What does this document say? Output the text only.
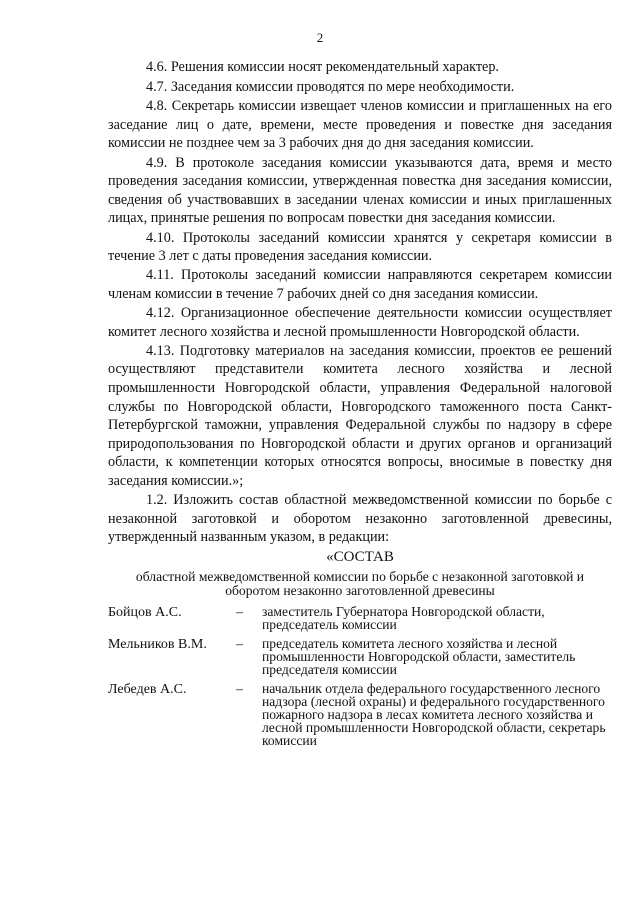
2

4.6. Решения комиссии носят рекомендательный характер.

4.7. Заседания комиссии проводятся по мере необходимости.

4.8. Секретарь комиссии извещает членов комиссии и приглашенных на его заседание лиц о дате, времени, месте проведения и повестке дня заседания комиссии не позднее чем за 3 рабочих дня до дня заседания комиссии.

4.9. В протоколе заседания комиссии указываются дата, время и место проведения заседания комиссии, утвержденная повестка дня заседания комиссии, сведения об участвовавших в заседании членах комиссии и иных приглашенных лицах, принятые решения по вопросам повестки дня заседания комиссии.

4.10. Протоколы заседаний комиссии хранятся у секретаря комиссии в течение 3 лет с даты проведения заседания комиссии.

4.11. Протоколы заседаний комиссии направляются секретарем комиссии членам комиссии в течение 7 рабочих дней со дня заседания комиссии.

4.12. Организационное обеспечение деятельности комиссии осуществляет комитет лесного хозяйства и лесной промышленности Новгородской области.

4.13. Подготовку материалов на заседания комиссии, проектов ее решений осуществляют представители комитета лесного хозяйства и лесной промышленности Новгородской области, управления Федеральной налоговой службы по Новгородской области, Новгородского таможенного поста Санкт-Петербургской таможни, управления Федеральной службы по надзору в сфере природопользования по Новгородской области и других органов и организаций области, к компетенции которых относятся вопросы, вносимые в повестку дня заседания комиссии.»;

1.2. Изложить состав областной межведомственной комиссии по борьбе с незаконной заготовкой и оборотом незаконно заготовленной древесины, утвержденный названным указом, в редакции:

«СОСТАВ
областной межведомственной комиссии по борьбе с незаконной заготовкой и оборотом незаконно заготовленной древесины
Бойцов А.С.	–	заместитель Губернатора Новгородской области, председатель комиссии
Мельников В.М.	–	председатель комитета лесного хозяйства и лесной промышленности Новгородской области, заместитель председателя комиссии
Лебедев А.С.	–	начальник отдела федерального государственного лесного надзора (лесной охраны) и федерального государственного пожарного надзора в лесах комитета лесного хозяйства и лесной промышленности Новгородской области, секретарь комиссии
